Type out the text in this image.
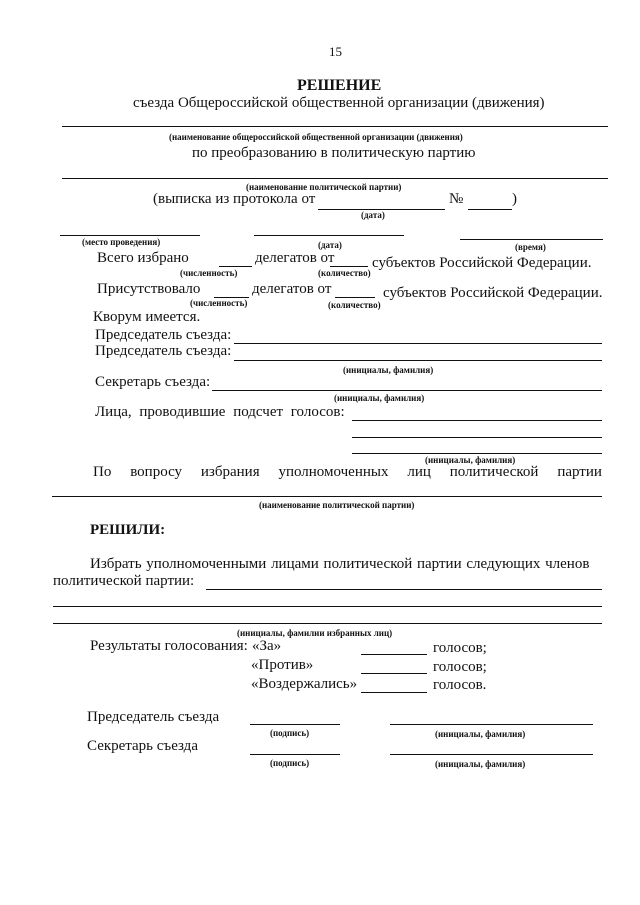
15
РЕШЕНИЕ
съезда Общероссийской общественной организации (движения)
(наименование общероссийской общественной организации (движения)
по преобразованию в политическую партию
(наименование политической партии)
(выписка из протокола от	№	)
(дата)
(место проведения)	(дата)	(время)
Всего избрано	делегатов от	субъектов Российской Федерации.
(численность)	(количество)
Присутствовало	делегатов от	субъектов Российской Федерации.
(численность)	(количество)
Кворум имеется.
Председатель съезда:
Председатель съезда:
(инициалы, фамилия)
Секретарь съезда:
(инициалы, фамилия)
Лица, проводившие подсчет голосов:
(инициалы, фамилия)
По вопросу избрания уполномоченных лиц политической партии
(наименование политической партии)
РЕШИЛИ:
Избрать уполномоченными лицами политической партии следующих членов
политической партии:
(инициалы, фамилии избранных лиц)
Результаты голосования: «За»	голосов;
«Против»	голосов;
«Воздержались»	голосов.
Председатель съезда
(подпись)	(инициалы, фамилия)
Секретарь съезда
(подпись)	(инициалы, фамилия)
